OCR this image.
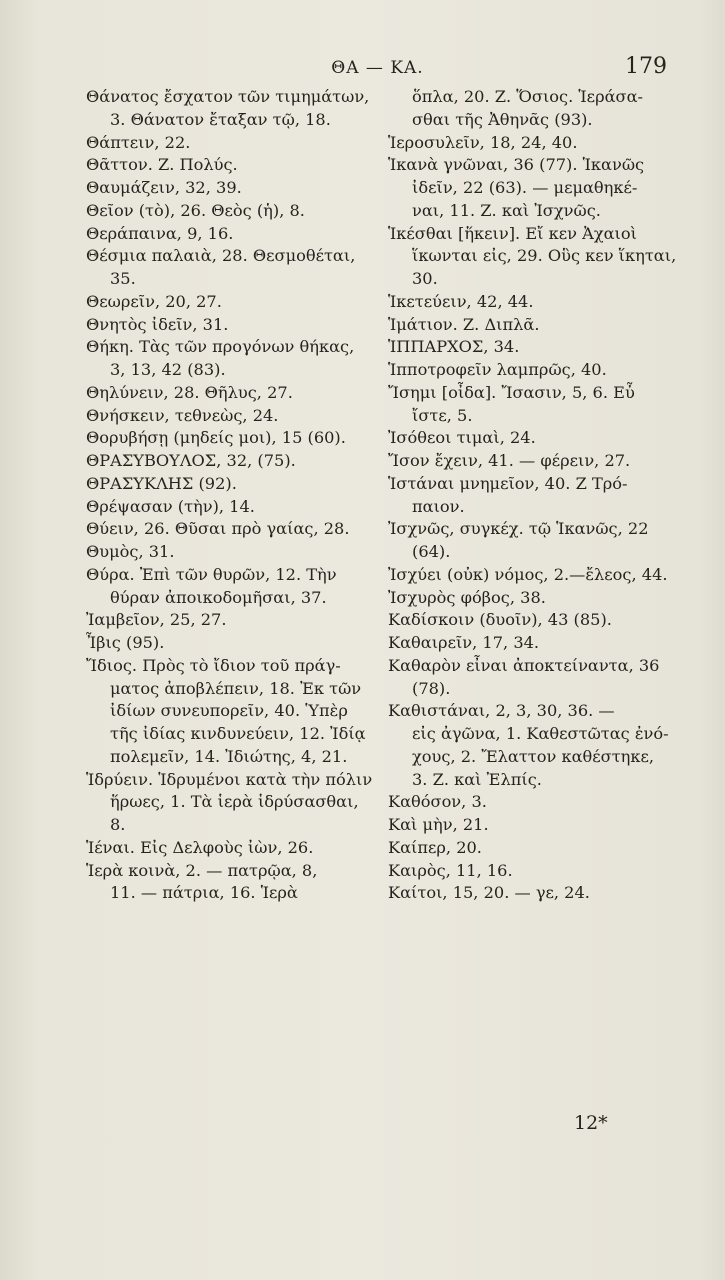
ΘΑ — ΚΑ.	179
Θάνατος ἔσχατον τῶν τιμημάτων,
3. Θάνατον ἔταξαν τῷ, 18.
Θάπτειν, 22.
Θᾶττον. Ζ. Πολύς.
Θαυμάζειν, 32, 39.
Θεῖον (τὸ), 26. Θεὸς (ἡ), 8.
Θεράπαινα, 9, 16.
Θέσμια παλαιὰ, 28. Θεσμοθέται,
35.
Θεωρεῖν, 20, 27.
Θνητὸς ἰδεῖν, 31.
Θήκη. Τὰς τῶν προγόνων θήκας,
3, 13, 42 (83).
Θηλύνειν, 28. Θῆλυς, 27.
Θνήσκειν, τεθνεὼς, 24.
Θορυβήσῃ (μηδείς μοι), 15 (60).
ΘΡΑΣΥΒΟΥΛΟΣ, 32, (75).
ΘΡΑΣΥΚΛΗΣ (92).
Θρέψασαν (τὴν), 14.
Θύειν, 26. Θῦσαι πρὸ γαίας, 28.
Θυμὸς, 31.
Θύρα. Ἐπὶ τῶν θυρῶν, 12. Τὴν
θύραν ἀποικοδομῆσαι, 37.
Ἰαμβεῖον, 25, 27.
Ἶβις (95).
Ἴδιος. Πρὸς τὸ ἴδιον τοῦ πράγ-
ματος ἀποβλέπειν, 18. Ἐκ τῶν
ἰδίων συνευπορεῖν, 40. Ὑπὲρ
τῆς ἰδίας κινδυνεύειν, 12. Ἰδίᾳ
πολεμεῖν, 14. Ἰδιώτης, 4, 21.
Ἱδρύειν. Ἱδρυμένοι κατὰ τὴν πόλιν
ἥρωες, 1. Τὰ ἱερὰ ἱδρύσασθαι,
8.
Ἱέναι. Εἰς Δελφοὺς ἰὼν, 26.
Ἱερὰ κοινὰ, 2. — πατρῷα, 8,
11. — πάτρια, 16. Ἱερὰ
ὅπλα, 20. Ζ. Ὅσιος. Ἱεράσα-
σθαι τῆς Ἀθηνᾶς (93).
Ἱεροσυλεῖν, 18, 24, 40.
Ἱκανὰ γνῶναι, 36 (77). Ἱκανῶς
ἰδεῖν, 22 (63). — μεμαθηκέ-
ναι, 11. Ζ. καὶ Ἰσχνῶς.
Ἱκέσθαι [ἥκειν]. Εἴ κεν Ἀχαιοὶ
ἵκωνται εἰς, 29. Οὓς κεν ἵκηται,
30.
Ἱκετεύειν, 42, 44.
Ἱμάτιον. Ζ. Διπλᾶ.
ἹΠΠΑΡΧΟΣ, 34.
Ἱπποτροφεῖν λαμπρῶς, 40.
Ἴσημι [οἶδα]. Ἴσασιν, 5, 6. Εὖ
ἴστε, 5.
Ἰσόθεοι τιμαὶ, 24.
Ἴσον ἔχειν, 41. — φέρειν, 27.
Ἱστάναι μνημεῖον, 40. Ζ Τρό-
παιον.
Ἰσχνῶς, συγκέχ. τῷ Ἱκανῶς, 22
(64).
Ἰσχύει (οὐκ) νόμος, 2.—ἔλεος, 44.
Ἰσχυρὸς φόβος, 38.
Καδίσκοιν (δυοῖν), 43 (85).
Καθαιρεῖν, 17, 34.
Καθαρὸν εἶναι ἀποκτείναντα, 36
(78).
Καθιστάναι, 2, 3, 30, 36. —
εἰς ἀγῶνα, 1. Καθεστῶτας ἐνό-
χους, 2. Ἔλαττον καθέστηκε,
3. Ζ. καὶ Ἐλπίς.
Καθόσον, 3.
Καὶ μὴν, 21.
Καίπερ, 20.
Καιρὸς, 11, 16.
Καίτοι, 15, 20. — γε, 24.
12*
